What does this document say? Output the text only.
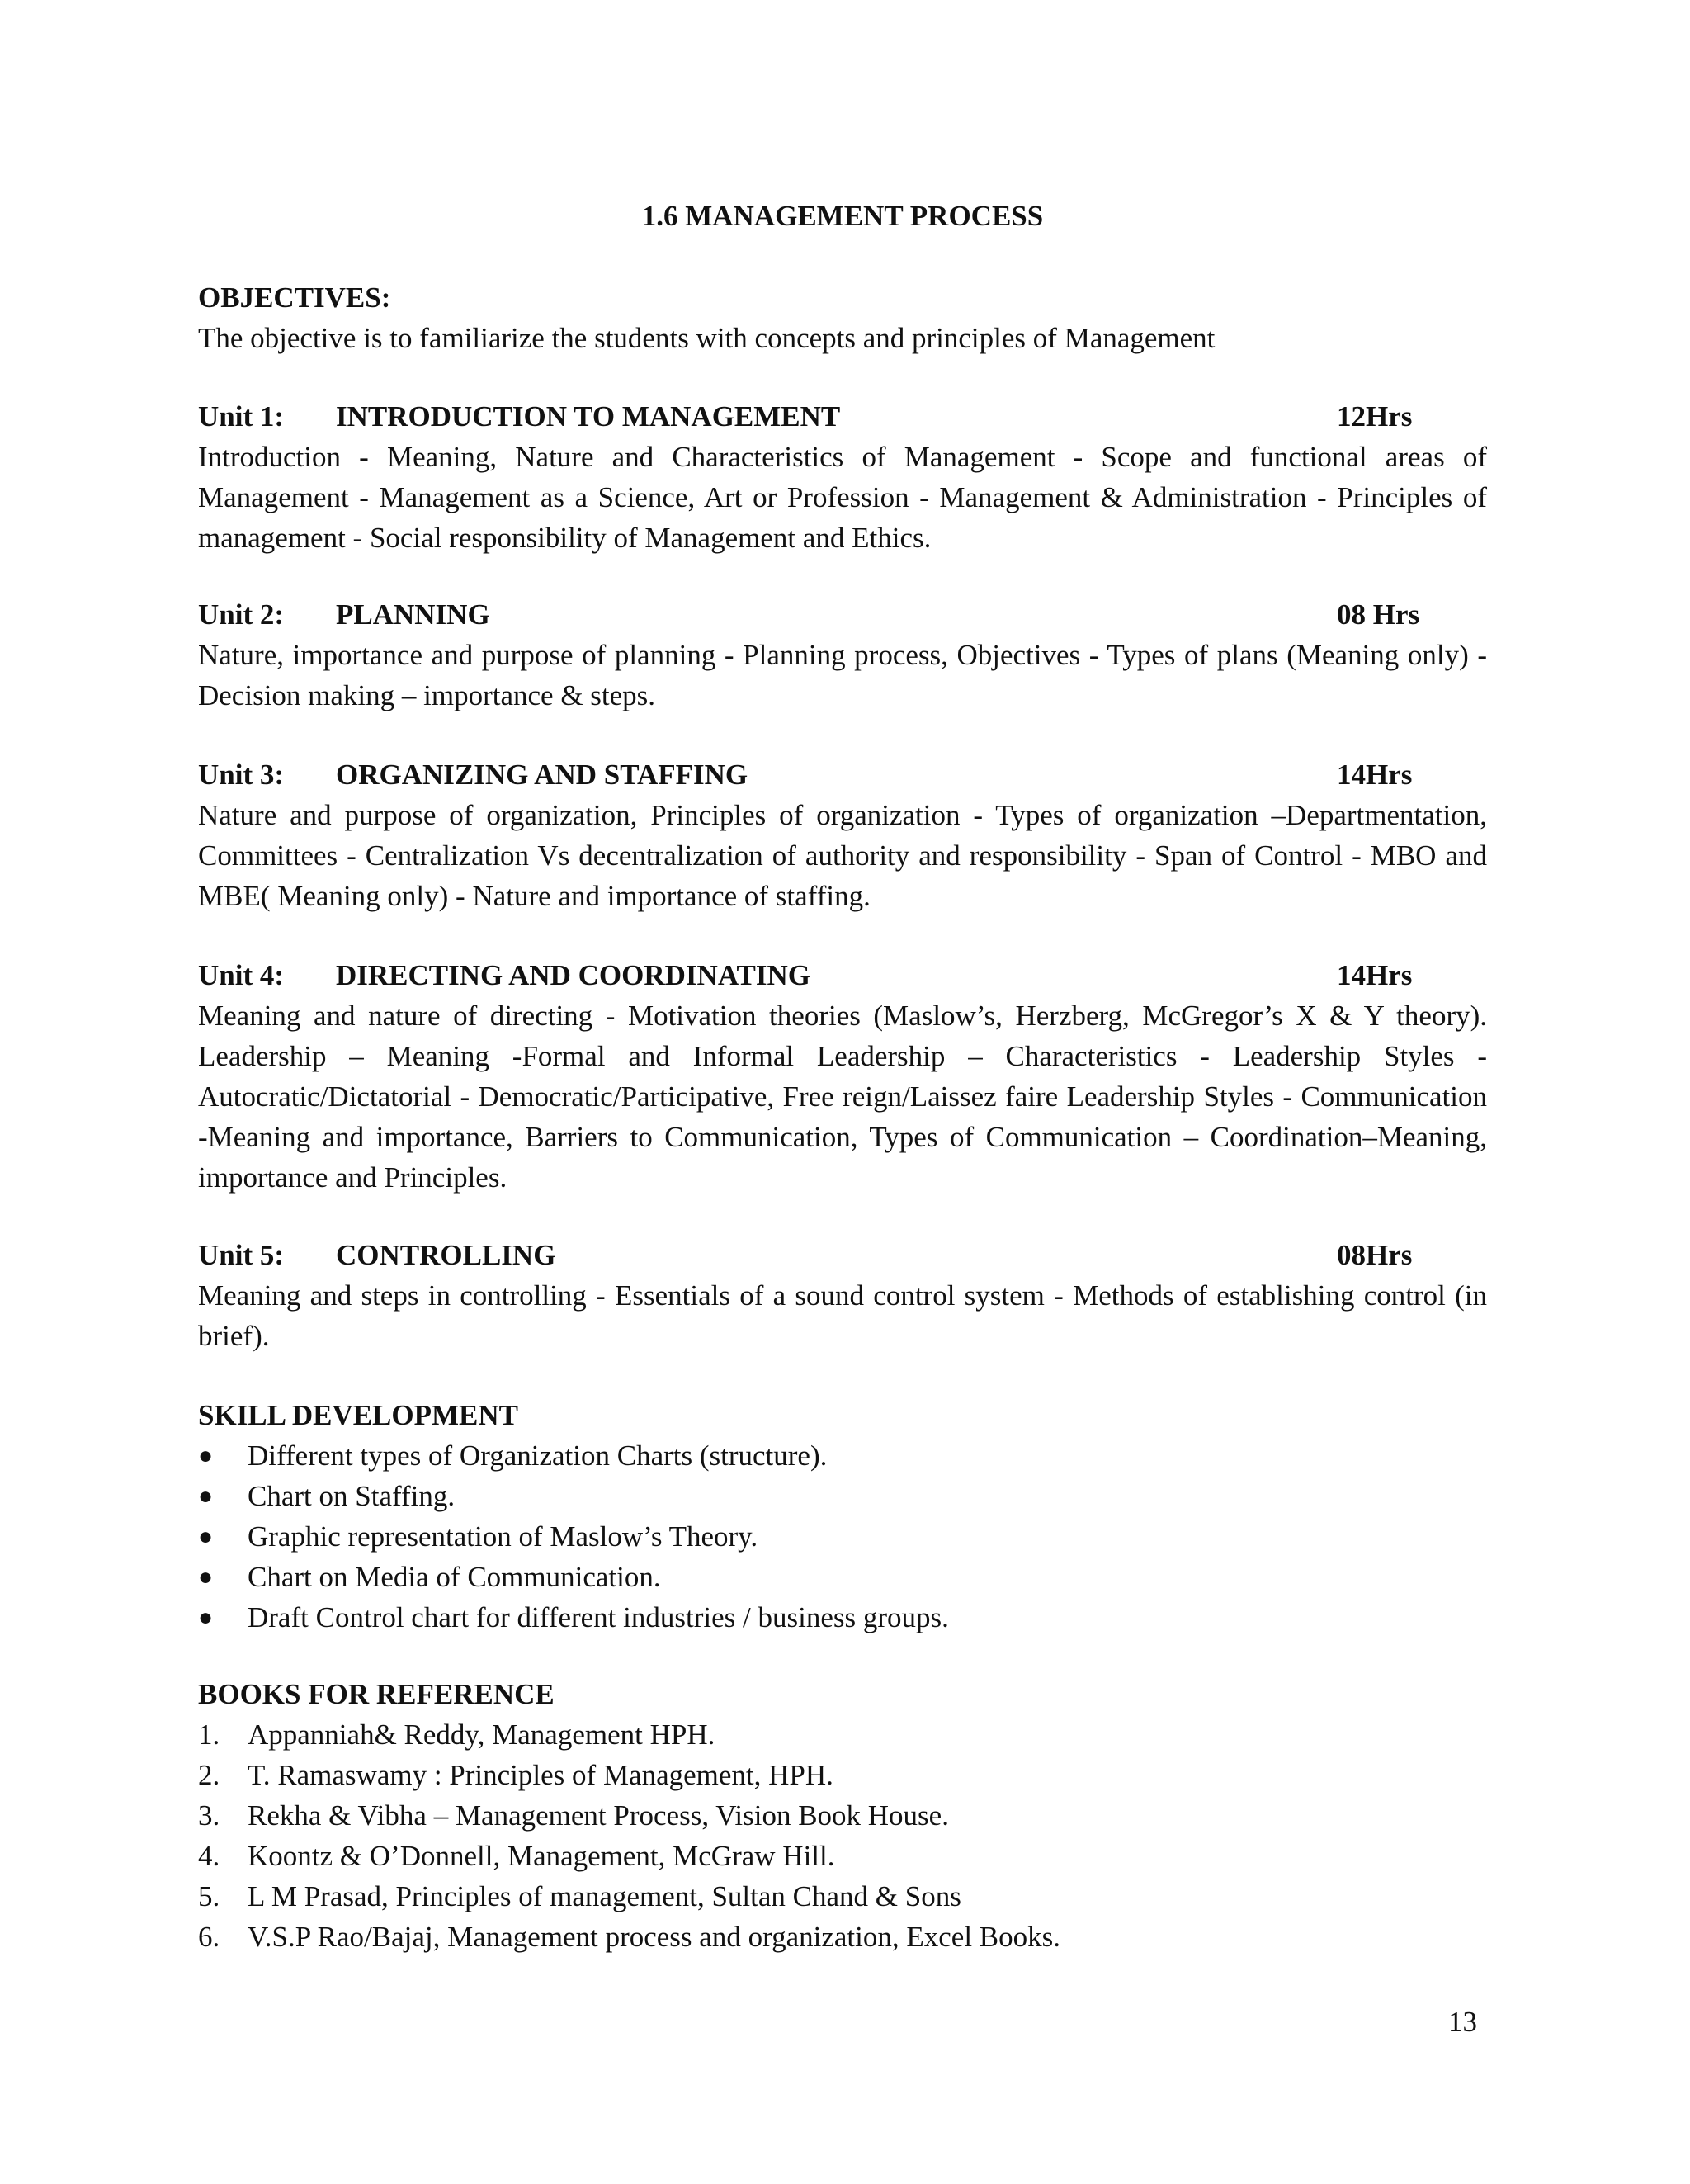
1.6 MANAGEMENT PROCESS

OBJECTIVES:

The objective is to familiarize the students with concepts and principles of Management

Unit 1: INTRODUCTION TO MANAGEMENT	12Hrs

Introduction - Meaning, Nature and Characteristics of Management - Scope and functional areas of Management - Management as a Science, Art or Profession - Management & Administration - Principles of management - Social responsibility of Management and Ethics.

Unit 2: PLANNING	08 Hrs

Nature, importance and purpose of planning - Planning process, Objectives - Types of plans (Meaning only) - Decision making – importance & steps.

Unit 3: ORGANIZING AND STAFFING	14Hrs

Nature and purpose of organization, Principles of organization - Types of organization –Departmentation, Committees - Centralization Vs decentralization of authority and responsibility - Span of Control - MBO and MBE( Meaning only) - Nature and importance of staffing.

Unit 4: DIRECTING AND COORDINATING	14Hrs

Meaning and nature of directing - Motivation theories (Maslow’s, Herzberg, McGregor’s X & Y theory). Leadership – Meaning -Formal and Informal Leadership – Characteristics - Leadership Styles - Autocratic/Dictatorial - Democratic/Participative, Free reign/Laissez faire Leadership Styles - Communication -Meaning and importance, Barriers to Communication, Types of Communication – Coordination–Meaning, importance and Principles.

Unit 5: CONTROLLING	08Hrs

Meaning and steps in controlling - Essentials of a sound control system - Methods of establishing control (in brief).

SKILL DEVELOPMENT

● Different types of Organization Charts (structure).
● Chart on Staffing.
● Graphic representation of Maslow’s Theory.
● Chart on Media of Communication.
● Draft Control chart for different industries / business groups.

BOOKS FOR REFERENCE

1. Appanniah& Reddy, Management HPH.
2. T. Ramaswamy : Principles of Management, HPH.
3. Rekha & Vibha – Management Process, Vision Book House.
4. Koontz & O’Donnell, Management, McGraw Hill.
5. L M Prasad, Principles of management, Sultan Chand & Sons
6. V.S.P Rao/Bajaj, Management process and organization, Excel Books.
13
